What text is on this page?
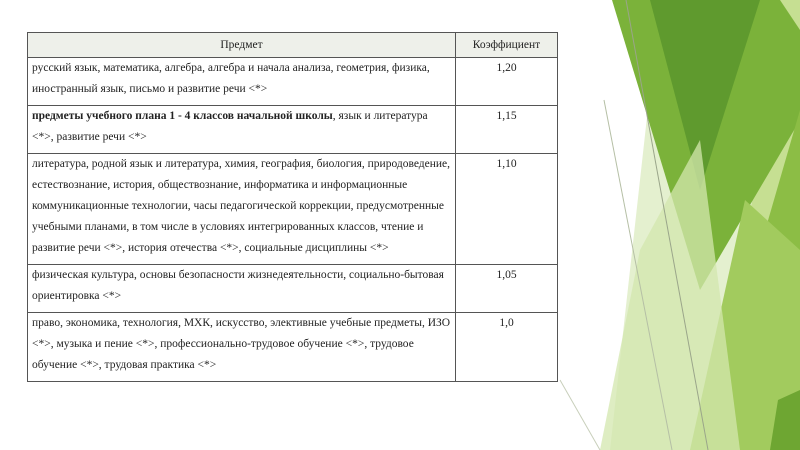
Предмет	Коэффициент
русский язык, математика, алгебра, алгебра и начала анализа, геометрия, физика, иностранный язык, письмо и развитие речи <*>	1,20
предметы учебного плана 1 - 4 классов начальной школы, язык и литература <*>, развитие речи <*>	1,15
литература, родной язык и литература, химия, география, биология, природоведение, естествознание, история, обществознание, информатика и информационные коммуникационные технологии, часы педагогической коррекции, предусмотренные учебными планами, в том числе в условиях интегрированных классов, чтение и развитие речи <*>, история отечества <*>, социальные дисциплины <*>	1,10
физическая культура, основы безопасности жизнедеятельности, социально-бытовая ориентировка <*>	1,05
право, экономика, технология, МХК, искусство, элективные учебные предметы, ИЗО <*>, музыка и пение <*>, профессионально-трудовое обучение <*>, трудовое обучение <*>, трудовая практика <*>	1,0
